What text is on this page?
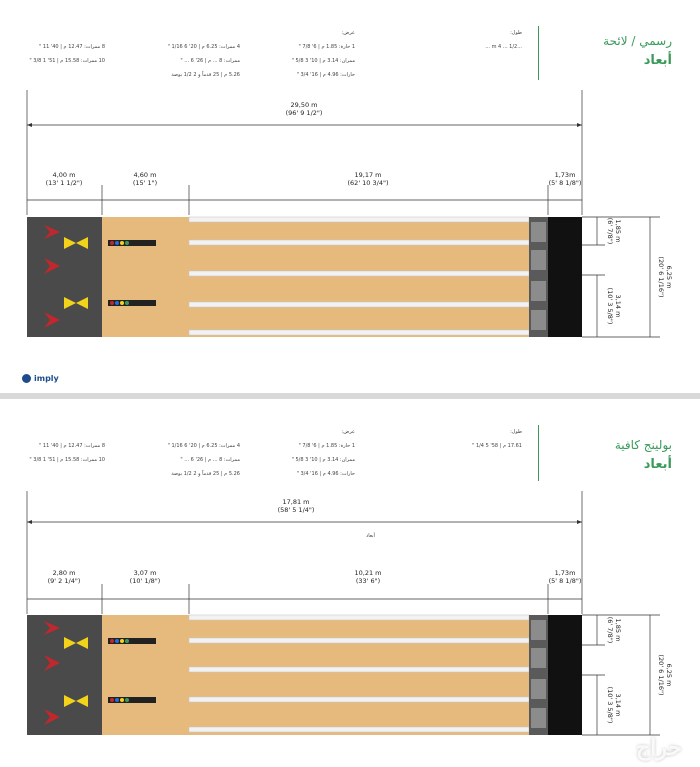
رسمي / لائحة
أبعاد
طول:
...m 4 ... 1/2 ...
عرض:
1 حارة: 1.85 م | 6' 7/8 "
ممران: 3.14 م | 10' 3 5/8 "
حارات: 4.96 م | 16' 3/4 "
4 ممرات: 6.25 م | 20' 6 1/16 "
ممرات: 8 ... م | 26' 6 ... "
5.26 م | 25 قدماً و 2 1/2 بوصة
8 ممرات: 12.47 م | 40' 11 "
10 ممرات: 15.58 م | 51' 1 3/8 "
29,50 m
(96' 9 1/2")
4,00 m
(13' 1 1/2")
4,60 m
(15' 1")
19,17 m
(62' 10 3/4")
1,73m
(5' 8 1/8")
1,85 m
(6' 7/8")
3,14 m
(10' 3 5/8")
6,25 m
(20' 6 1/16")
imply
بولينج كافية
أبعاد
طول:
17.61 م | 58' 5 1/4 "
عرض:
1 حارة: 1.85 م | 6' 7/8 "
ممران: 3.14 م | 10' 3 5/8 "
حارات: 4.96 م | 16' 3/4 "
4 ممرات: 6.25 م | 20' 6 1/16 "
ممرات: 8 ... م | 26' 6 ... "
5.26 م | 25 قدماً و 2 1/2 بوصة
8 ممرات: 12.47 م | 40' 11 "
10 ممرات: 15.58 م | 51' 1 3/8 "
17,81 m
(58' 5 1/4")
أبعاد
2,80 m
(9' 2 1/4")
3,07 m
(10' 1/8")
10,21 m
(33' 6")
1,73m
(5' 8 1/8")
1,85 m
(6' 7/8")
3,14 m
(10' 3 5/8")
6,25 m
(20' 6 1/16")
حراج
